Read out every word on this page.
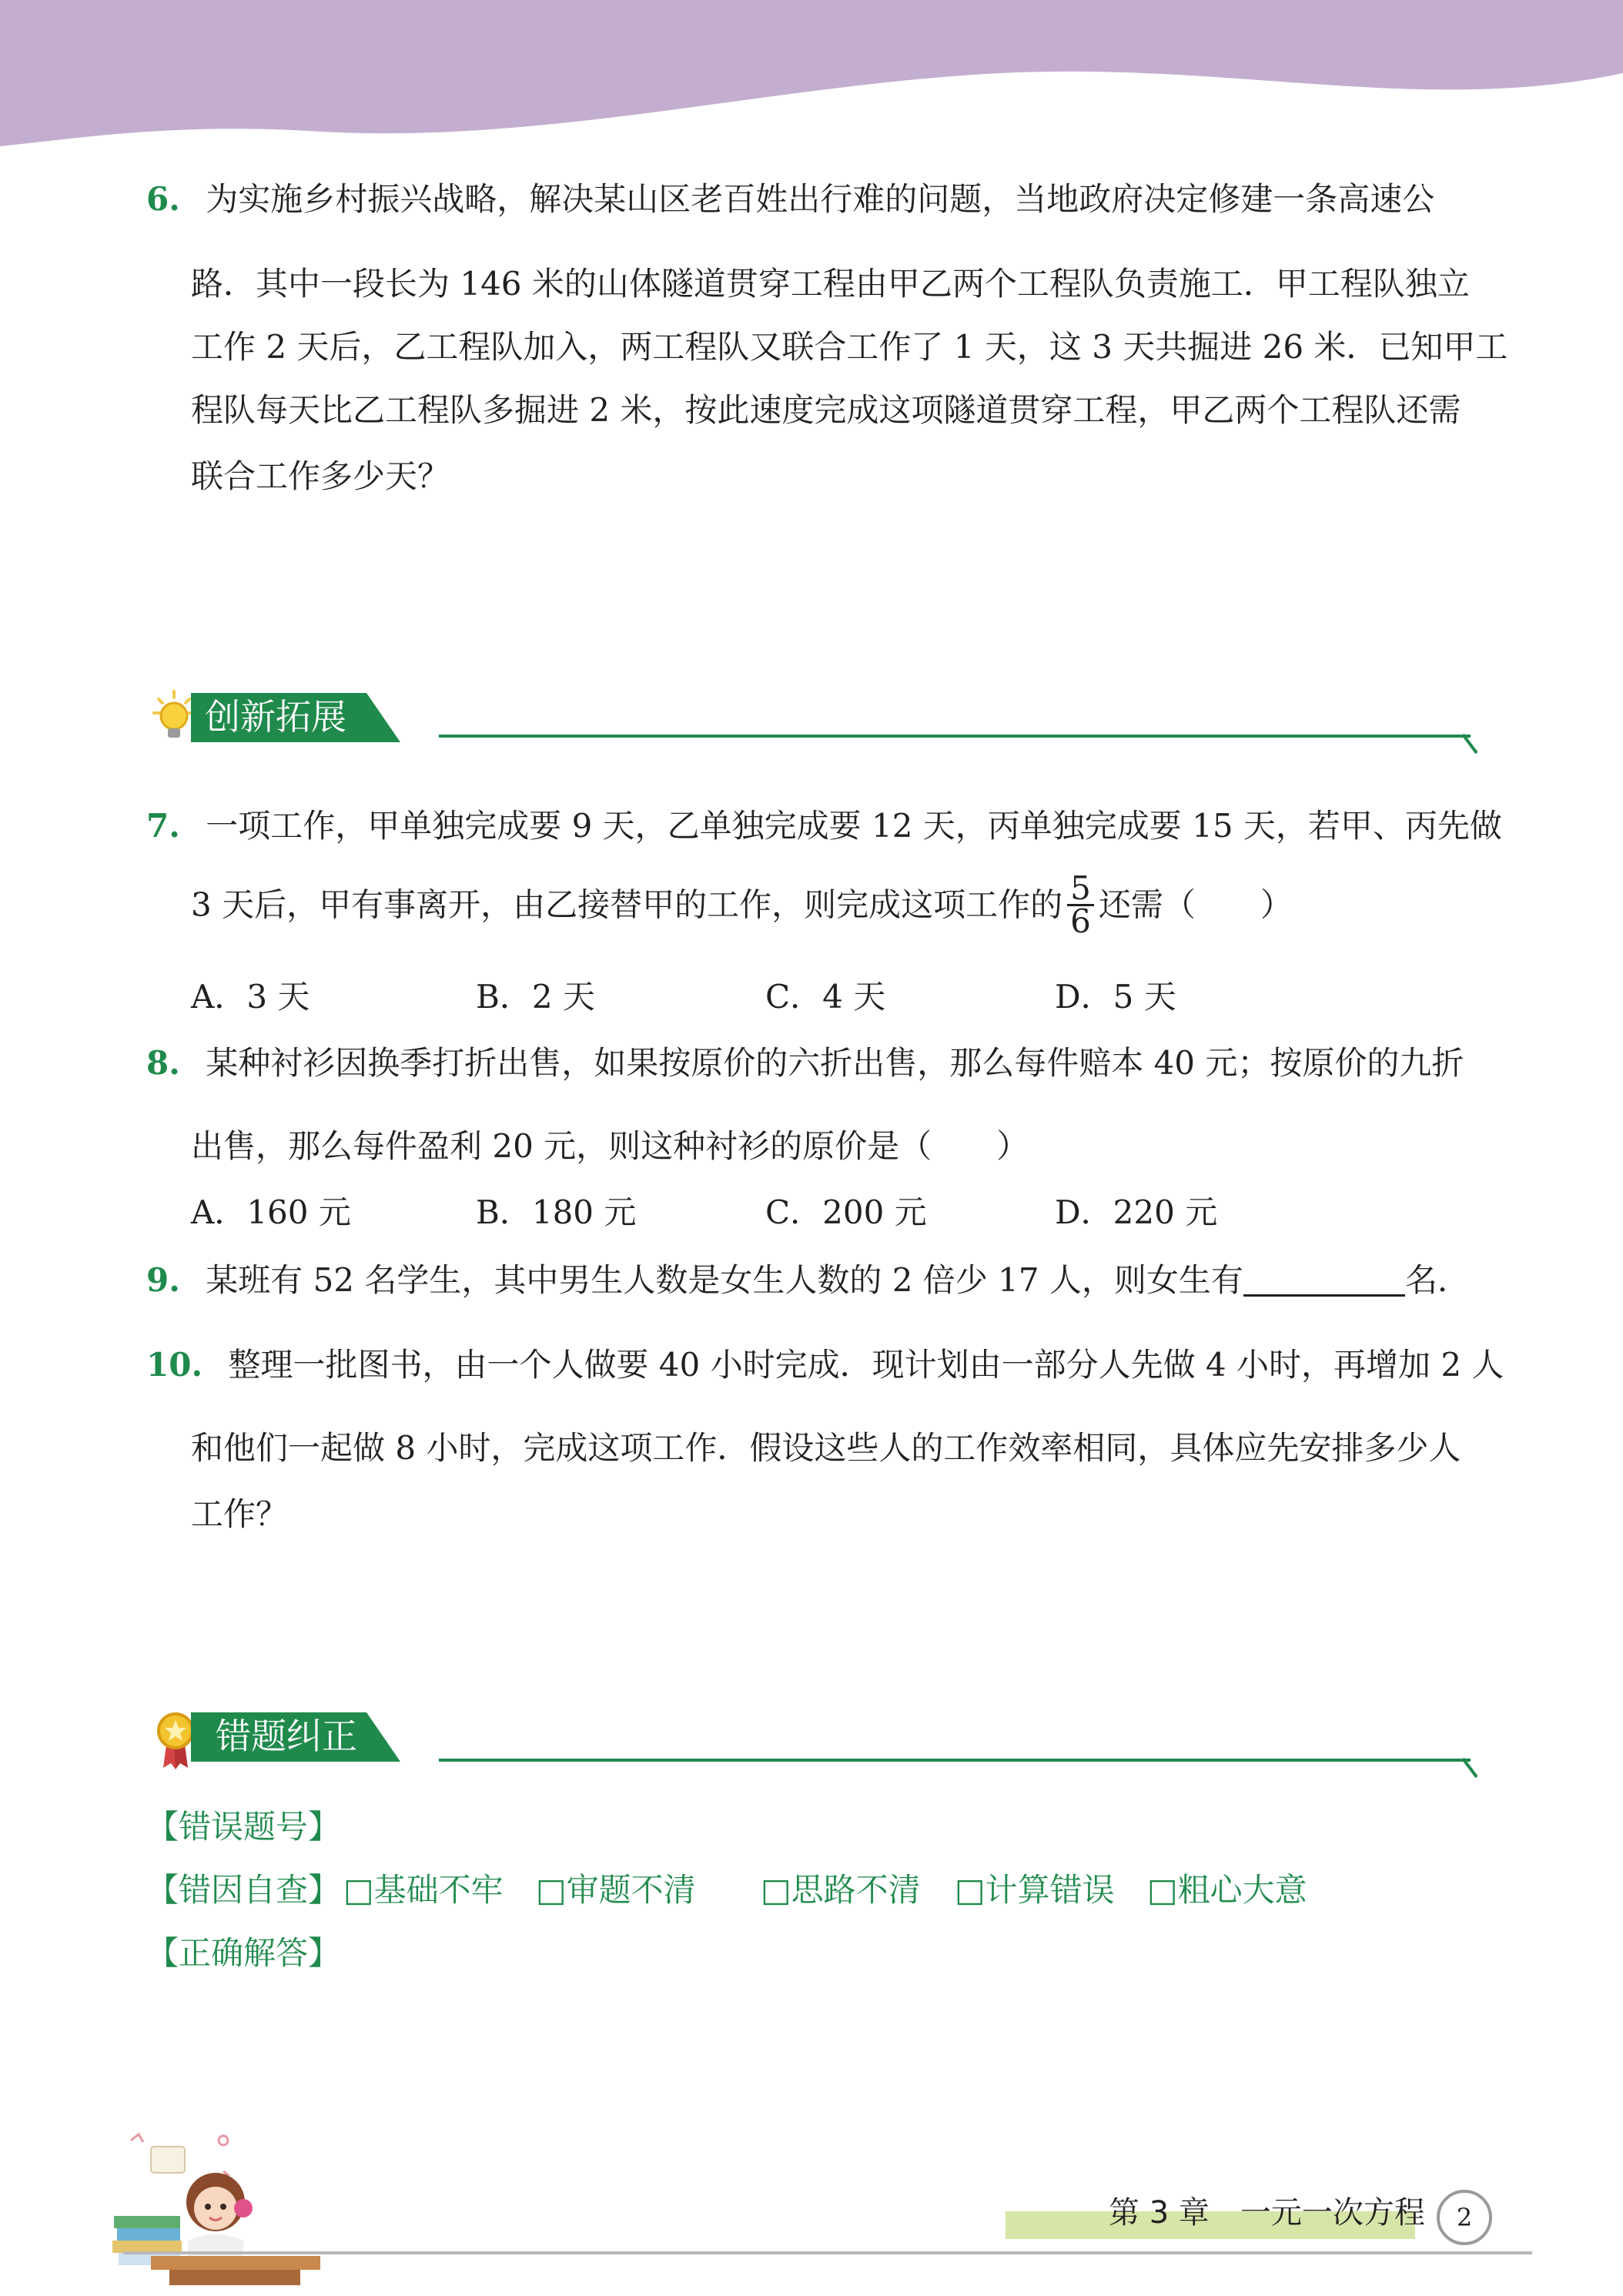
6. 为实施乡村振兴战略，解决某山区老百姓出行难的问题，当地政府决定修建一条高速公
路．其中一段长为 146 米的山体隧道贯穿工程由甲乙两个工程队负责施工．甲工程队独立
工作 2 天后，乙工程队加入，两工程队又联合工作了 1 天，这 3 天共掘进 26 米．已知甲工
程队每天比乙工程队多掘进 2 米，按此速度完成这项隧道贯穿工程，甲乙两个工程队还需
联合工作多少天？
创新拓展
7. 一项工作，甲单独完成要 9 天，乙单独完成要 12 天，丙单独完成要 15 天，若甲、丙先做
3 天后，甲有事离开，由乙接替甲的工作，则完成这项工作的 $\frac{5}{6}$ 还需（　　）
A．3 天	B．2 天	C．4 天	D．5 天
8. 某种衬衫因换季打折出售，如果按原价的六折出售，那么每件赔本 40 元；按原价的九折
出售，那么每件盈利 20 元，则这种衬衫的原价是（　　）
A．160 元	B．180 元	C．200 元	D．220 元
9. 某班有 52 名学生，其中男生人数是女生人数的 2 倍少 17 人，则女生有	名．
10. 整理一批图书，由一个人做要 40 小时完成．现计划由一部分人先做 4 小时，再增加 2 人
和他们一起做 8 小时，完成这项工作．假设这些人的工作效率相同，具体应先安排多少人
工作？
错题纠正
【错误题号】
【错因自查】 □基础不牢 □审题不清 □思路不清 □计算错误 □粗心大意
【正确解答】
第 3 章　一元一次方程	2
